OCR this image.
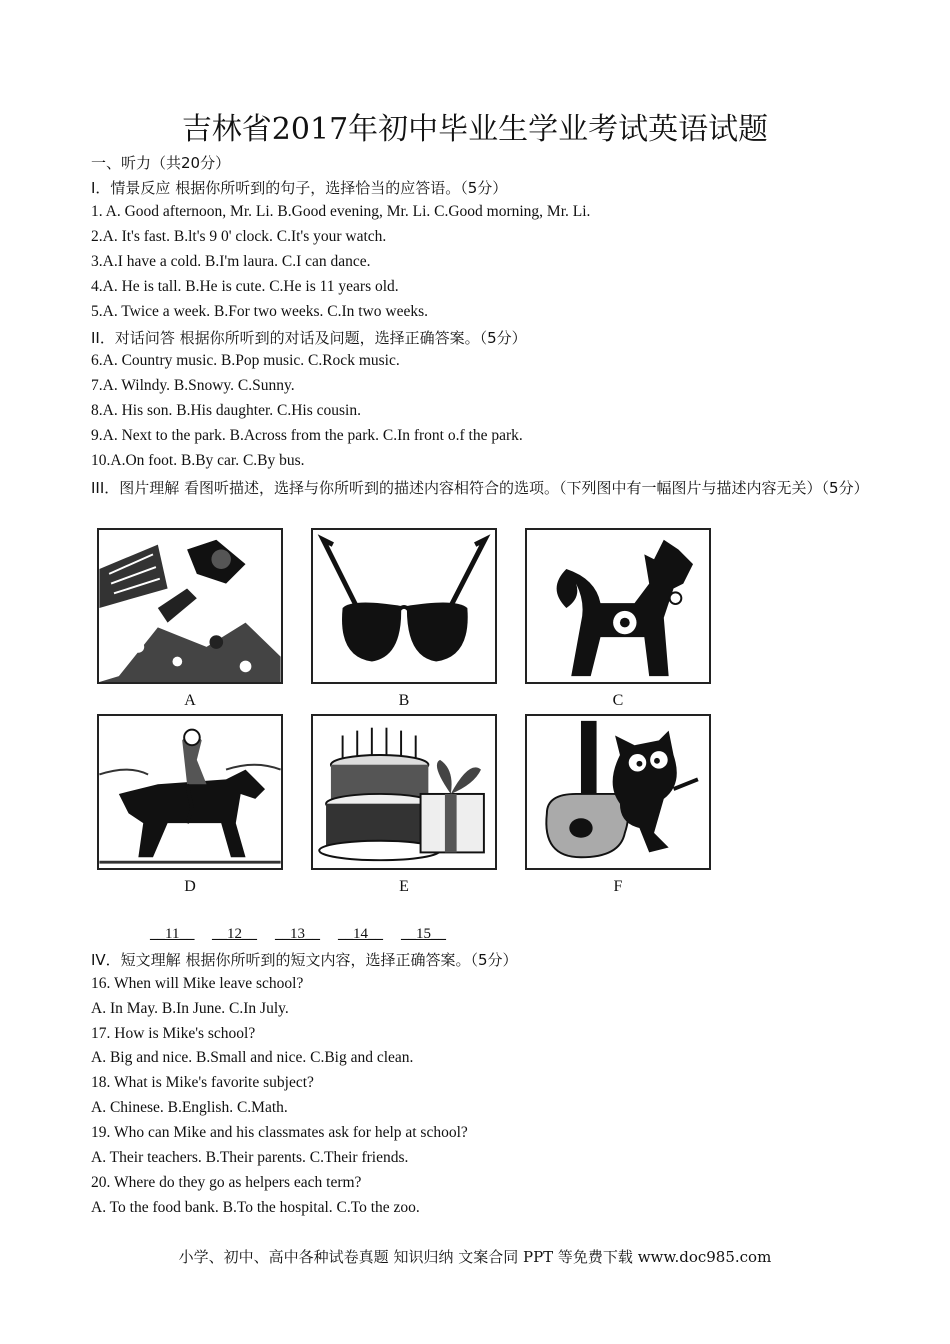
吉林省2017年初中毕业生学业考试英语试题
一、听力（共20分）
I．情景反应 根据你所听到的句子，选择恰当的应答语。（5分）
1. A. Good afternoon, Mr. Li. B.Good evening, Mr. Li. C.Good morning, Mr. Li.
2.A. It's fast. B.lt's 9 0' clock. C.It's your watch.
3.A.I have a cold. B.I'm laura. C.I can dance.
4.A. He is tall. B.He is cute. C.He is 11 years old.
5.A. Twice a week. B.For two weeks. C.In two weeks.
II．对话问答 根据你所听到的对话及问题，选择正确答案。（5分）
6.A. Country music. B.Pop music. C.Rock music.
7.A. Wilndy. B.Snowy. C.Sunny.
8.A. His son. B.His daughter. C.His cousin.
9.A. Next to the park. B.Across from the park. C.In front o.f the park.
10.A.On foot. B.By car. C.By bus.
III．图片理解 看图听描述，选择与你所听到的描述内容相符合的选项。（下列图中有一幅图片与描述内容无关）（5分）
A	B	C
D	E	F
__11__ __12__ __13__ __14__ __15__
IV．短文理解 根据你所听到的短文内容，选择正确答案。（5分）
16. When will Mike leave school?
A. In May. B.In June. C.In July.
17. How is Mike's school?
A. Big and nice. B.Small and nice. C.Big and clean.
18. What is Mike's favorite subject?
A. Chinese. B.English. C.Math.
19. Who can Mike and his classmates ask for help at school?
A. Their teachers. B.Their parents. C.Their friends.
20. Where do they go as helpers each term?
A. To the food bank. B.To the hospital. C.To the zoo.
小学、初中、高中各种试卷真题 知识归纳 文案合同 PPT 等免费下载 www.doc985.com
